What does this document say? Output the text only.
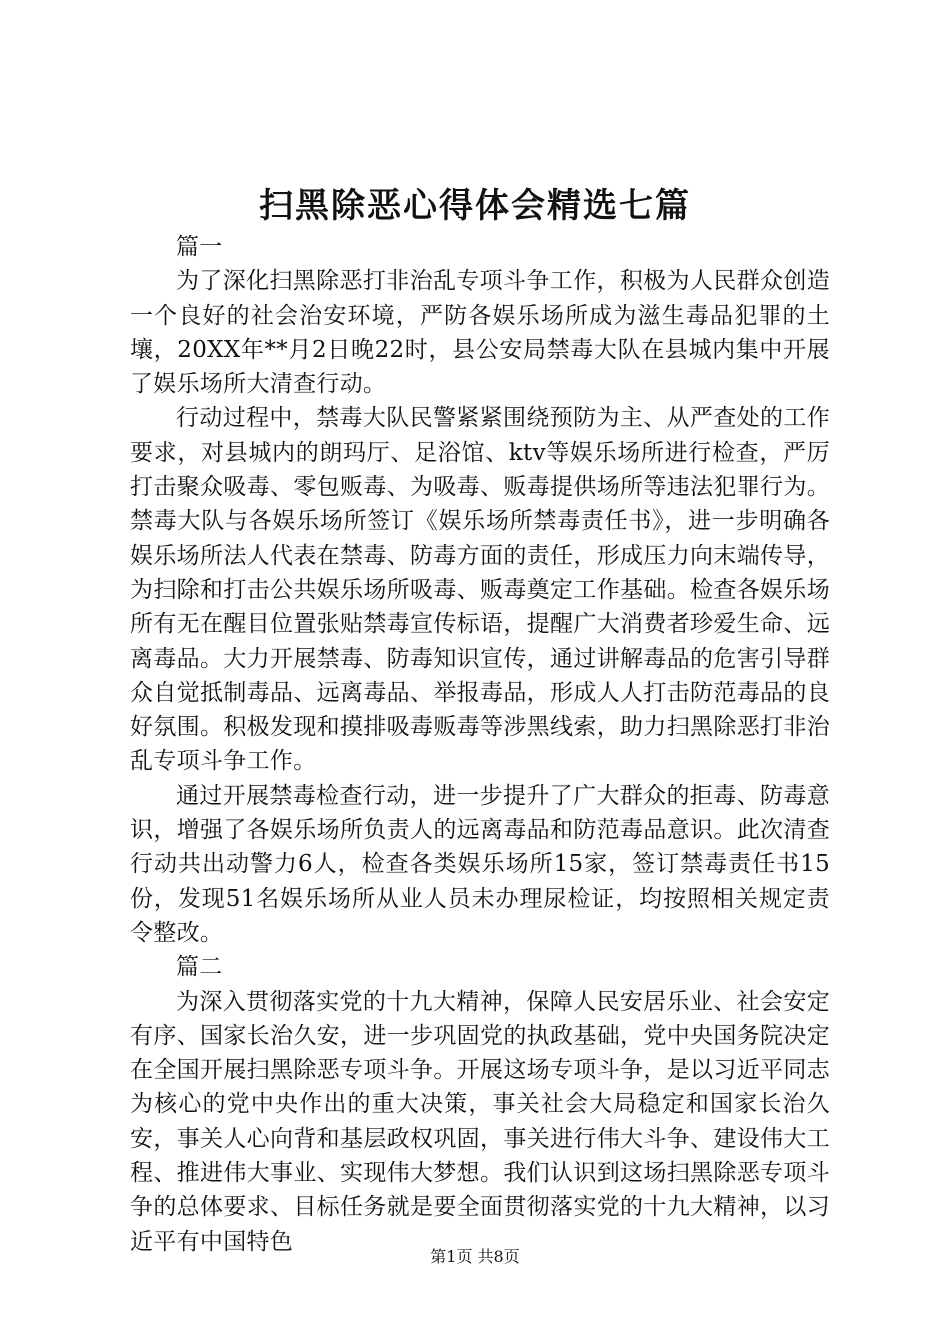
扫黑除恶心得体会精选七篇

篇一

为了深化扫黑除恶打非治乱专项斗争工作，积极为人民群众创造一个良好的社会治安环境，严防各娱乐场所成为滋生毒品犯罪的土壤，20XX年**月2日晚22时，县公安局禁毒大队在县城内集中开展了娱乐场所大清查行动。

行动过程中，禁毒大队民警紧紧围绕预防为主、从严查处的工作要求，对县城内的朗玛厅、足浴馆、ktv等娱乐场所进行检查，严厉打击聚众吸毒、零包贩毒、为吸毒、贩毒提供场所等违法犯罪行为。禁毒大队与各娱乐场所签订《娱乐场所禁毒责任书》，进一步明确各娱乐场所法人代表在禁毒、防毒方面的责任，形成压力向末端传导，为扫除和打击公共娱乐场所吸毒、贩毒奠定工作基础。检查各娱乐场所有无在醒目位置张贴禁毒宣传标语，提醒广大消费者珍爱生命、远离毒品。大力开展禁毒、防毒知识宣传，通过讲解毒品的危害引导群众自觉抵制毒品、远离毒品、举报毒品，形成人人打击防范毒品的良好氛围。积极发现和摸排吸毒贩毒等涉黑线索，助力扫黑除恶打非治乱专项斗争工作。

通过开展禁毒检查行动，进一步提升了广大群众的拒毒、防毒意识，增强了各娱乐场所负责人的远离毒品和防范毒品意识。此次清查行动共出动警力6人，检查各类娱乐场所15家，签订禁毒责任书15份，发现51名娱乐场所从业人员未办理尿检证，均按照相关规定责令整改。

篇二

为深入贯彻落实党的十九大精神，保障人民安居乐业、社会安定有序、国家长治久安，进一步巩固党的执政基础，党中央国务院决定在全国开展扫黑除恶专项斗争。开展这场专项斗争，是以习近平同志为核心的党中央作出的重大决策，事关社会大局稳定和国家长治久安，事关人心向背和基层政权巩固，事关进行伟大斗争、建设伟大工程、推进伟大事业、实现伟大梦想。我们认识到这场扫黑除恶专项斗争的总体要求、目标任务就是要全面贯彻落实党的十九大精神，以习近平有中国特色

第1页 共8页
